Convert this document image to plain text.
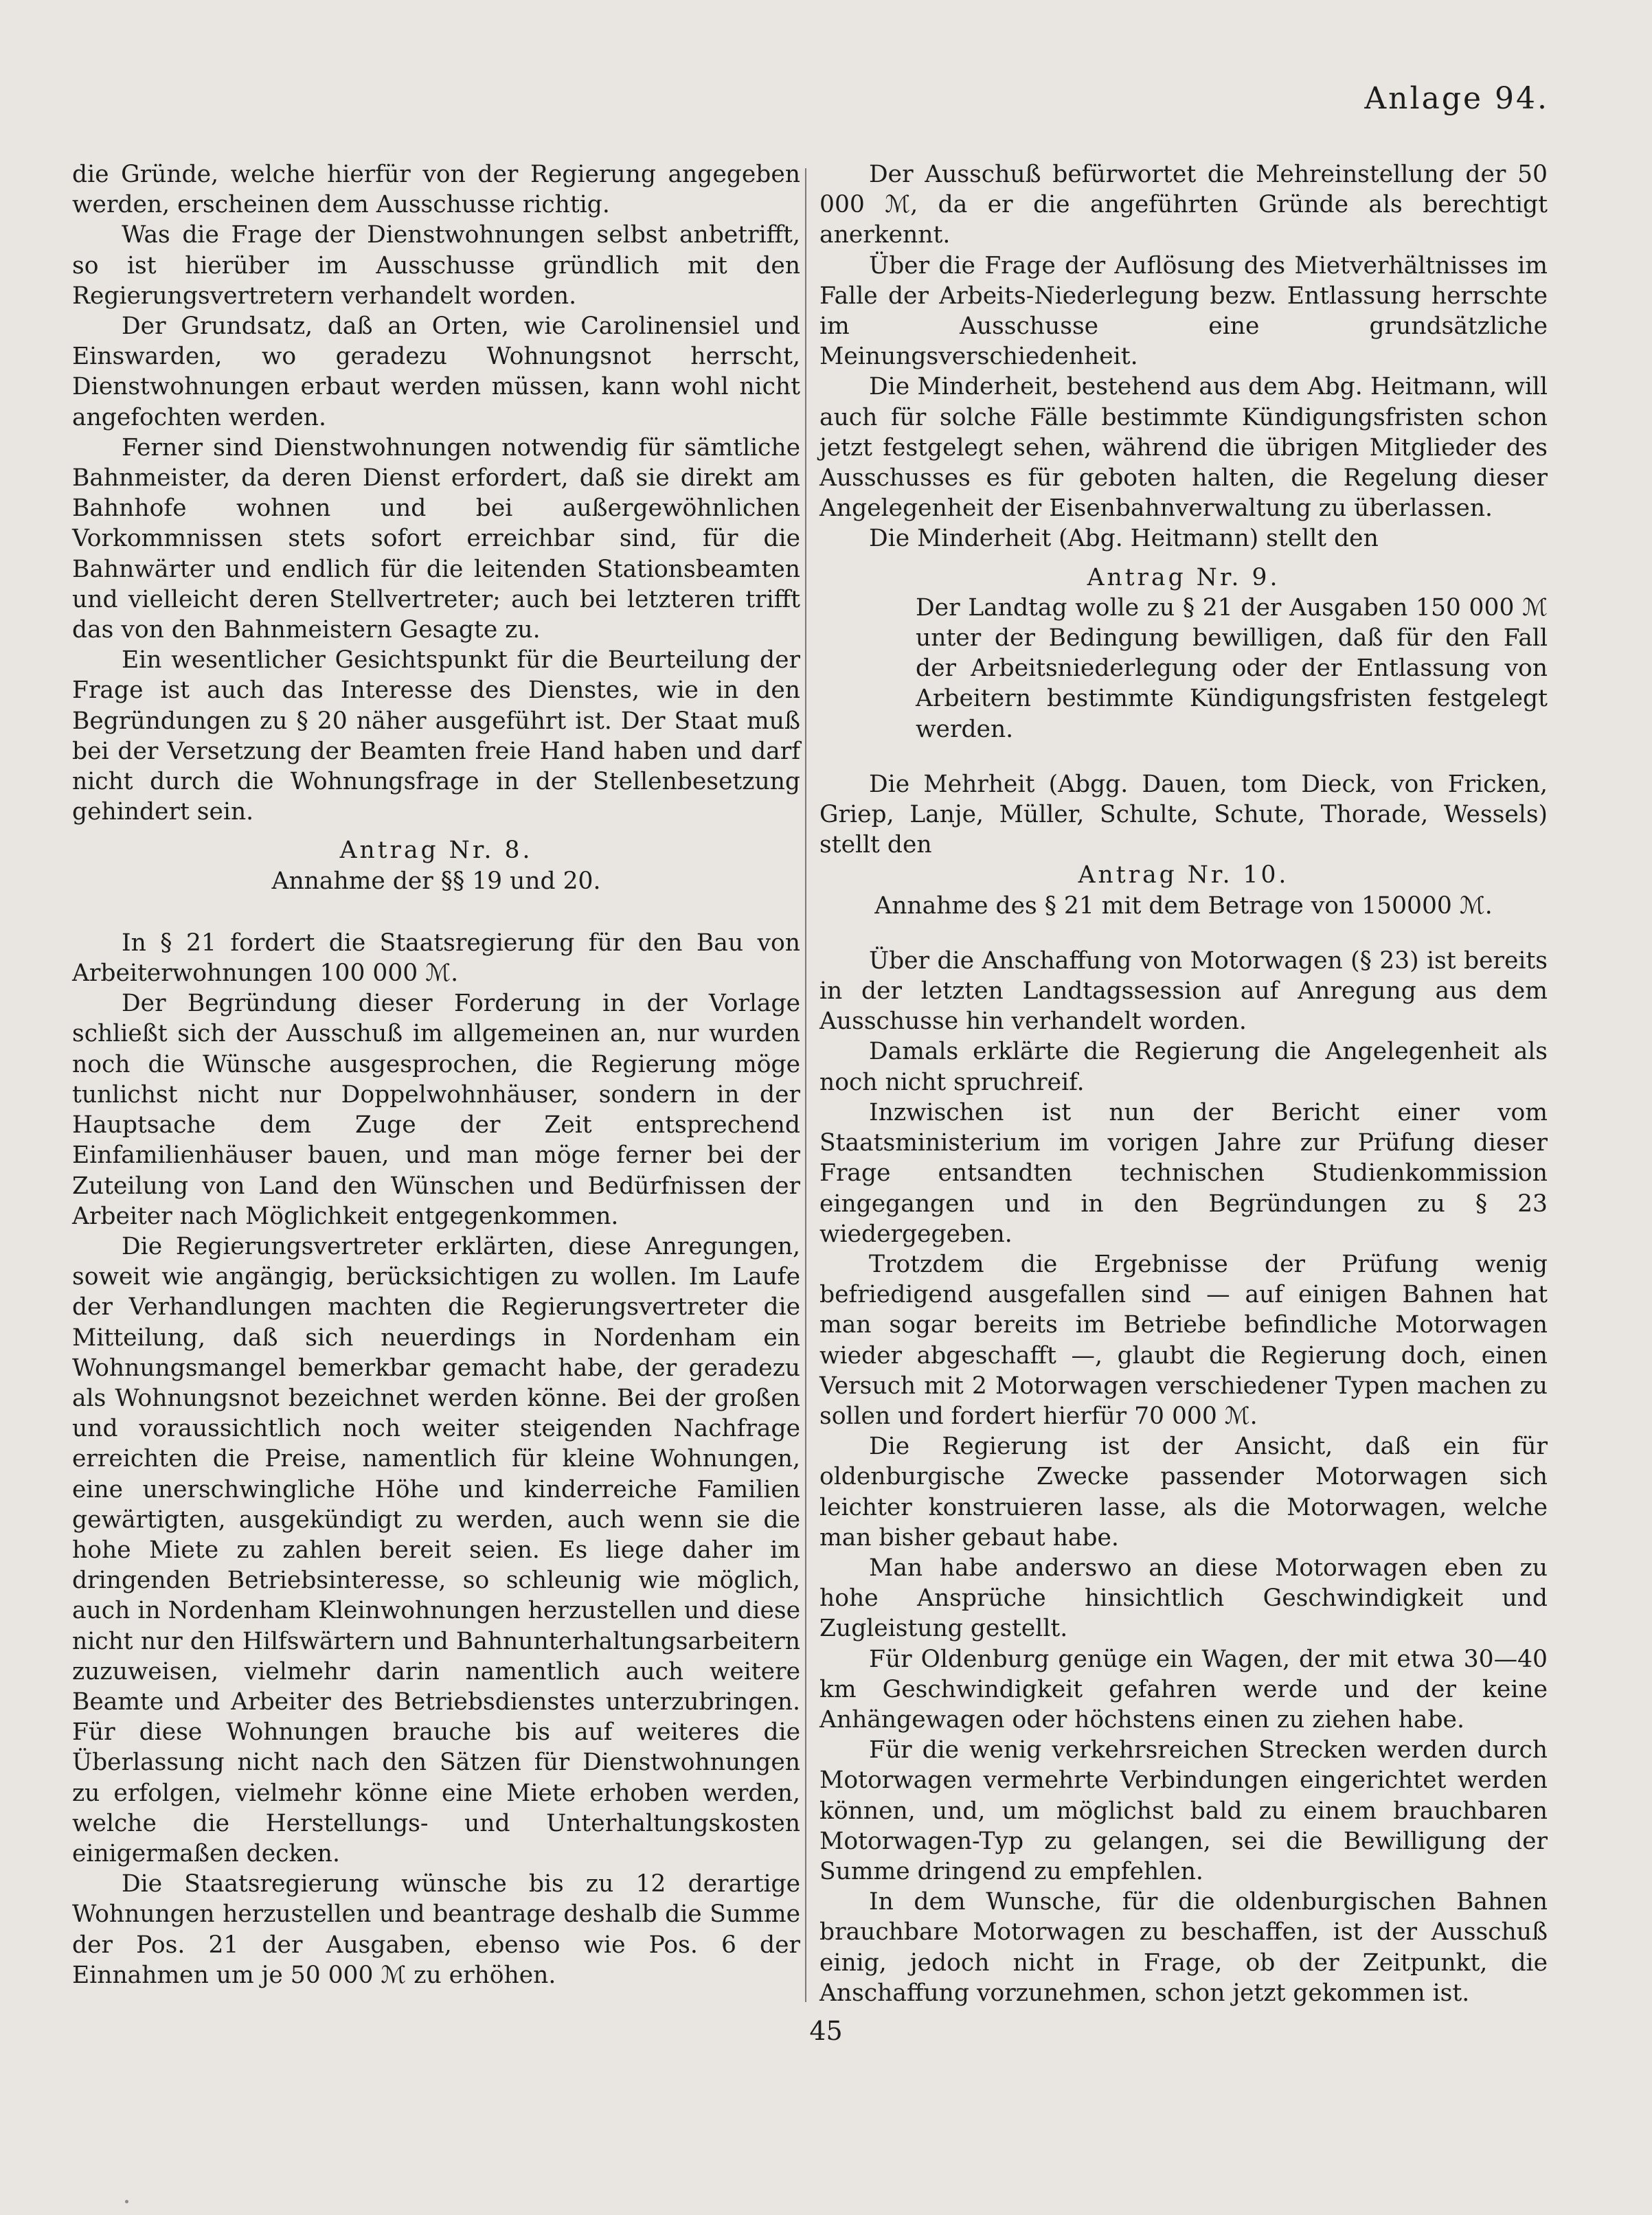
Anlage 94.

die Gründe, welche hierfür von der Regierung angegeben werden, erscheinen dem Ausschusse richtig.

Was die Frage der Dienstwohnungen selbst anbetrifft, so ist hierüber im Ausschusse gründlich mit den Regierungsvertretern verhandelt worden.

Der Grundsatz, daß an Orten, wie Carolinensiel und Einswarden, wo geradezu Wohnungsnot herrscht, Dienstwohnungen erbaut werden müssen, kann wohl nicht angefochten werden.

Ferner sind Dienstwohnungen notwendig für sämtliche Bahnmeister, da deren Dienst erfordert, daß sie direkt am Bahnhofe wohnen und bei außergewöhnlichen Vorkommnissen stets sofort erreichbar sind, für die Bahnwärter und endlich für die leitenden Stationsbeamten und vielleicht deren Stellvertreter; auch bei letzteren trifft das von den Bahnmeistern Gesagte zu.

Ein wesentlicher Gesichtspunkt für die Beurteilung der Frage ist auch das Interesse des Dienstes, wie in den Begründungen zu § 20 näher ausgeführt ist. Der Staat muß bei der Versetzung der Beamten freie Hand haben und darf nicht durch die Wohnungsfrage in der Stellenbesetzung gehindert sein.

Antrag Nr. 8.

Annahme der §§ 19 und 20.

In § 21 fordert die Staatsregierung für den Bau von Arbeiterwohnungen 100 000 ℳ.

Der Begründung dieser Forderung in der Vorlage schließt sich der Ausschuß im allgemeinen an, nur wurden noch die Wünsche ausgesprochen, die Regierung möge tunlichst nicht nur Doppelwohnhäuser, sondern in der Hauptsache dem Zuge der Zeit entsprechend Einfamilienhäuser bauen, und man möge ferner bei der Zuteilung von Land den Wünschen und Bedürfnissen der Arbeiter nach Möglichkeit entgegenkommen.

Die Regierungsvertreter erklärten, diese Anregungen, soweit wie angängig, berücksichtigen zu wollen. Im Laufe der Verhandlungen machten die Regierungsvertreter die Mitteilung, daß sich neuerdings in Nordenham ein Wohnungsmangel bemerkbar gemacht habe, der geradezu als Wohnungsnot bezeichnet werden könne. Bei der großen und voraussichtlich noch weiter steigenden Nachfrage erreichten die Preise, namentlich für kleine Wohnungen, eine unerschwingliche Höhe und kinderreiche Familien gewärtigten, ausgekündigt zu werden, auch wenn sie die hohe Miete zu zahlen bereit seien. Es liege daher im dringenden Betriebsinteresse, so schleunig wie möglich, auch in Nordenham Kleinwohnungen herzustellen und diese nicht nur den Hilfswärtern und Bahnunterhaltungsarbeitern zuzuweisen, vielmehr darin namentlich auch weitere Beamte und Arbeiter des Betriebsdienstes unterzubringen. Für diese Wohnungen brauche bis auf weiteres die Überlassung nicht nach den Sätzen für Dienstwohnungen zu erfolgen, vielmehr könne eine Miete erhoben werden, welche die Herstellungs- und Unterhaltungskosten einigermaßen decken.

Die Staatsregierung wünsche bis zu 12 derartige Wohnungen herzustellen und beantrage deshalb die Summe der Pos. 21 der Ausgaben, ebenso wie Pos. 6 der Einnahmen um je 50 000 ℳ zu erhöhen.

Der Ausschuß befürwortet die Mehreinstellung der 50 000 ℳ, da er die angeführten Gründe als berechtigt anerkennt.

Über die Frage der Auflösung des Mietverhältnisses im Falle der Arbeits-Niederlegung bezw. Entlassung herrschte im Ausschusse eine grundsätzliche Meinungsverschiedenheit.

Die Minderheit, bestehend aus dem Abg. Heitmann, will auch für solche Fälle bestimmte Kündigungsfristen schon jetzt festgelegt sehen, während die übrigen Mitglieder des Ausschusses es für geboten halten, die Regelung dieser Angelegenheit der Eisenbahnverwaltung zu überlassen.

Die Minderheit (Abg. Heitmann) stellt den

Antrag Nr. 9.

Der Landtag wolle zu § 21 der Ausgaben 150 000 ℳ unter der Bedingung bewilligen, daß für den Fall der Arbeitsniederlegung oder der Entlassung von Arbeitern bestimmte Kündigungsfristen festgelegt werden.

Die Mehrheit (Abgg. Dauen, tom Dieck, von Fricken, Griep, Lanje, Müller, Schulte, Schute, Thorade, Wessels) stellt den

Antrag Nr. 10.

Annahme des § 21 mit dem Betrage von 150000 ℳ.

Über die Anschaffung von Motorwagen (§ 23) ist bereits in der letzten Landtagssession auf Anregung aus dem Ausschusse hin verhandelt worden.

Damals erklärte die Regierung die Angelegenheit als noch nicht spruchreif.

Inzwischen ist nun der Bericht einer vom Staatsministerium im vorigen Jahre zur Prüfung dieser Frage entsandten technischen Studienkommission eingegangen und in den Begründungen zu § 23 wiedergegeben.

Trotzdem die Ergebnisse der Prüfung wenig befriedigend ausgefallen sind — auf einigen Bahnen hat man sogar bereits im Betriebe befindliche Motorwagen wieder abgeschafft —, glaubt die Regierung doch, einen Versuch mit 2 Motorwagen verschiedener Typen machen zu sollen und fordert hierfür 70 000 ℳ.

Die Regierung ist der Ansicht, daß ein für oldenburgische Zwecke passender Motorwagen sich leichter konstruieren lasse, als die Motorwagen, welche man bisher gebaut habe.

Man habe anderswo an diese Motorwagen eben zu hohe Ansprüche hinsichtlich Geschwindigkeit und Zugleistung gestellt.

Für Oldenburg genüge ein Wagen, der mit etwa 30—40 km Geschwindigkeit gefahren werde und der keine Anhängewagen oder höchstens einen zu ziehen habe.

Für die wenig verkehrsreichen Strecken werden durch Motorwagen vermehrte Verbindungen eingerichtet werden können, und, um möglichst bald zu einem brauchbaren Motorwagen-Typ zu gelangen, sei die Bewilligung der Summe dringend zu empfehlen.

In dem Wunsche, für die oldenburgischen Bahnen brauchbare Motorwagen zu beschaffen, ist der Ausschuß einig, jedoch nicht in Frage, ob der Zeitpunkt, die Anschaffung vorzunehmen, schon jetzt gekommen ist.

45
